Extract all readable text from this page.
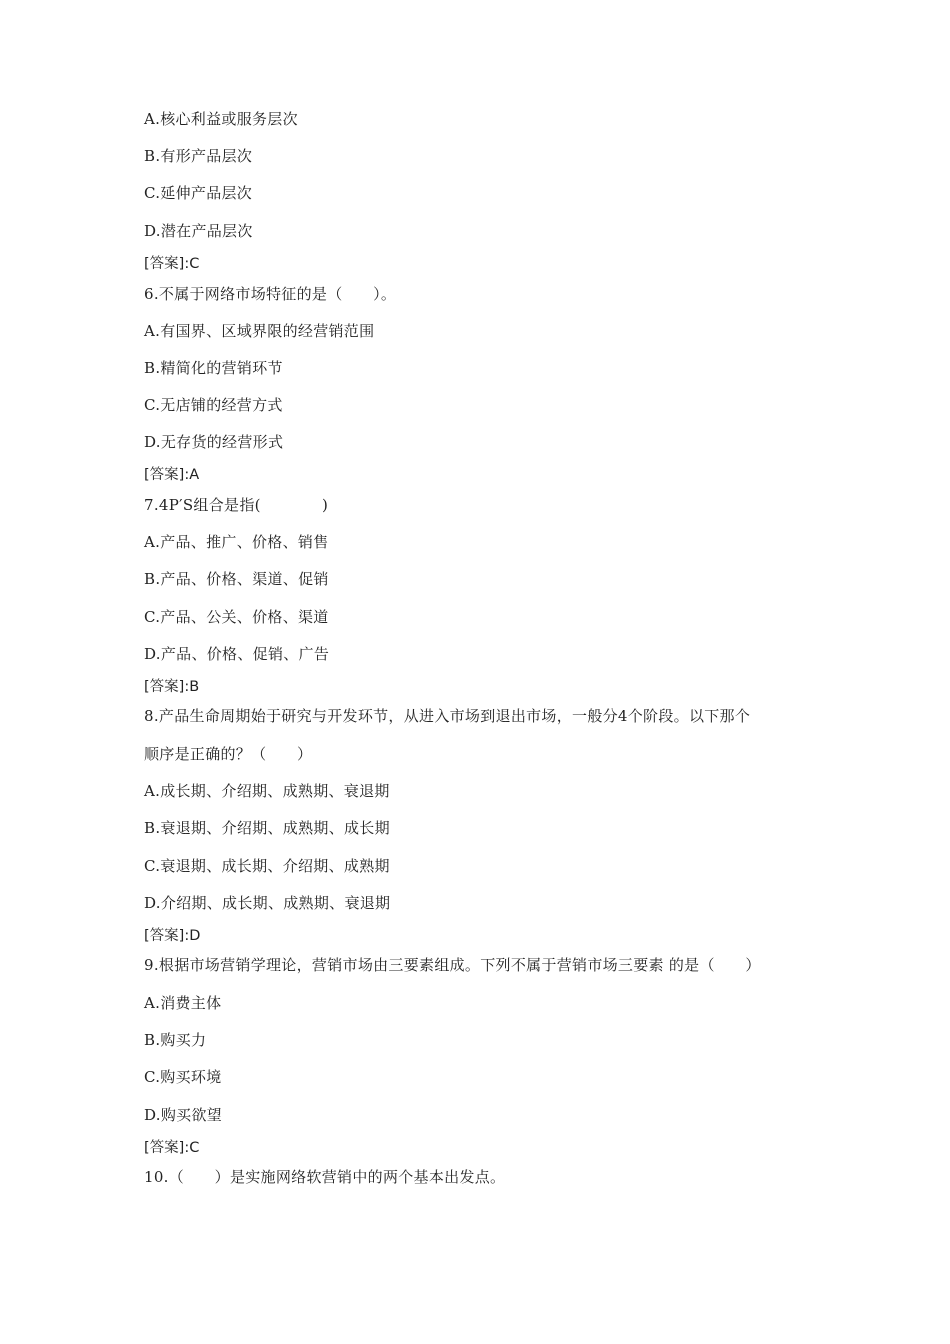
A.核心利益或服务层次
B.有形产品层次
C.延伸产品层次
D.潜在产品层次
[答案]:C
6.不属于网络市场特征的是（　　）。
A.有国界、区域界限的经营销范围
B.精简化的营销环节
C.无店铺的经营方式
D.无存货的经营形式
[答案]:A
7.4P′S组合是指(　　　　)
A.产品、推广、价格、销售
B.产品、价格、渠道、促销
C.产品、公关、价格、渠道
D.产品、价格、促销、广告
[答案]:B
8.产品生命周期始于研究与开发环节，从进入市场到退出市场，一般分4个阶段。以下那个
顺序是正确的？（　　）
A.成长期、介绍期、成熟期、衰退期
B.衰退期、介绍期、成熟期、成长期
C.衰退期、成长期、介绍期、成熟期
D.介绍期、成长期、成熟期、衰退期
[答案]:D
9.根据市场营销学理论，营销市场由三要素组成。下列不属于营销市场三要素 的是（　　）
A.消费主体
B.购买力
C.购买环境
D.购买欲望
[答案]:C
10.（　　）是实施网络软营销中的两个基本出发点。
